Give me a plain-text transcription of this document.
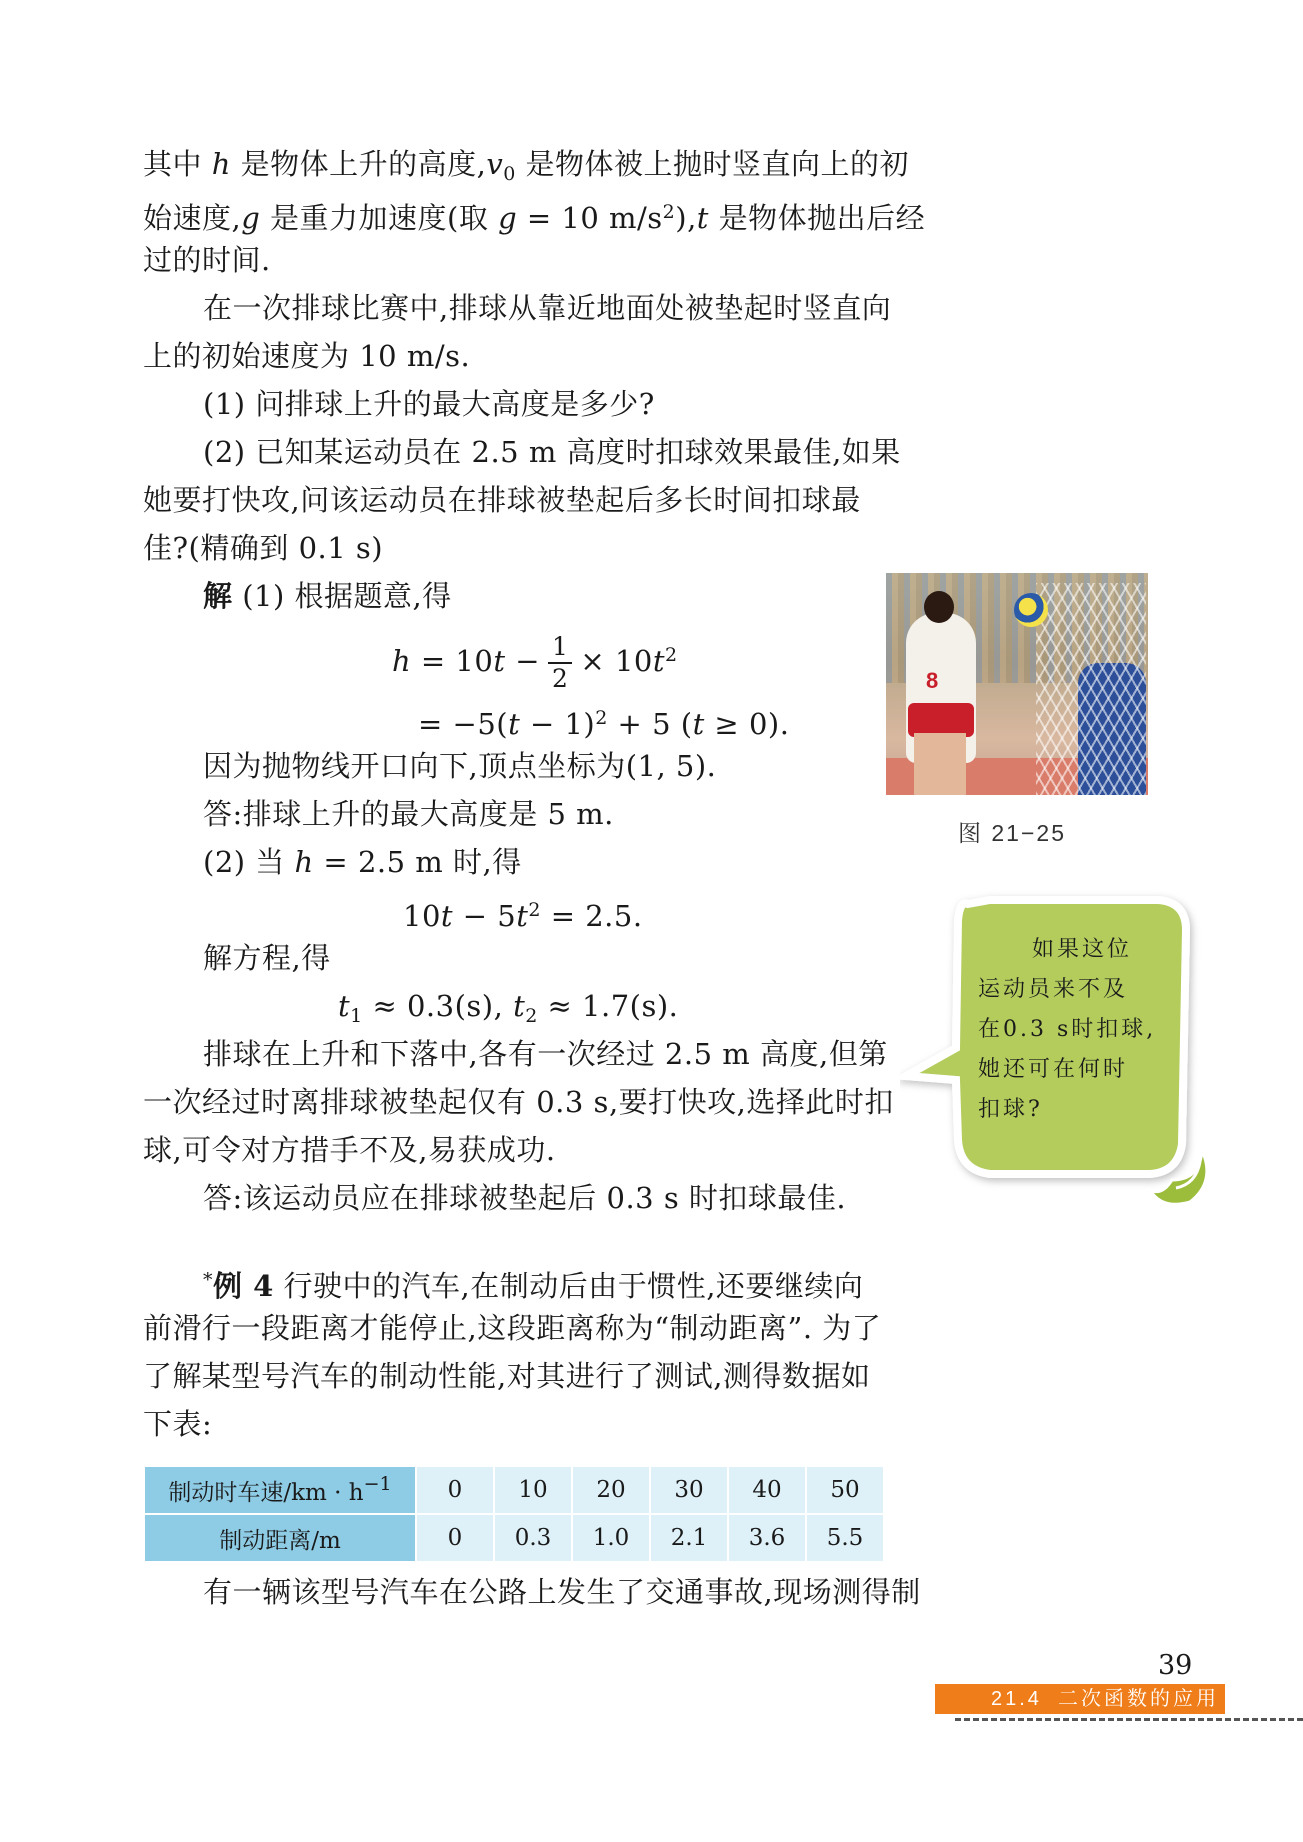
其中 h 是物体上升的高度$,v_0$ 是物体被上抛时竖直向上的初
始速度,g 是重力加速度(取 g = 10 $m/s^2),t$ 是物体抛出后经
过的时间.
在一次排球比赛中,排球从靠近地面处被垫起时竖直向
上的初始速度为 10 m/s.
(1) 问排球上升的最大高度是多少?
(2) 已知某运动员在 2.5 m 高度时扣球效果最佳,如果
她要打快攻,问该运动员在排球被垫起后多长时间扣球最
佳?(精确到 0.1 s)
解 (1) 根据题意,得
$h = 10t - \frac{1}{2} \times 10t^2$
= $-5(t - 1)^2 + 5$ (t ≥ 0).
因为抛物线开口向下,顶点坐标为(1, 5).
答:排球上升的最大高度是 5 m.
(2) 当 h = 2.5 m 时,得
$10t - 5t^2 = 2.5$.
解方程,得
$t_1 \approx 0.3(s)$, $t_2 \approx 1.7(s)$.
排球在上升和下落中,各有一次经过 2.5 m 高度,但第
一次经过时离排球被垫起仅有 0.3 s,要打快攻,选择此时扣
球,可令对方措手不及,易获成功.
答:该运动员应在排球被垫起后 0.3 s 时扣球最佳.
*例 4 行驶中的汽车,在制动后由于惯性,还要继续向
前滑行一段距离才能停止,这段距离称为“制动距离”. 为了
了解某型号汽车的制动性能,对其进行了测试,测得数据如
下表:
制动时车速$/km \cdot h^{-1}$	0	10	20	30	40	50
制动距离/m	0	0.3	1.0	2.1	3.6	5.5
有一辆该型号汽车在公路上发生了交通事故,现场测得制
8
图 21−25
如果这位
运动员来不及
在0.3 s时扣球,
她还可在何时
扣球?
39
21.4 二次函数的应用
